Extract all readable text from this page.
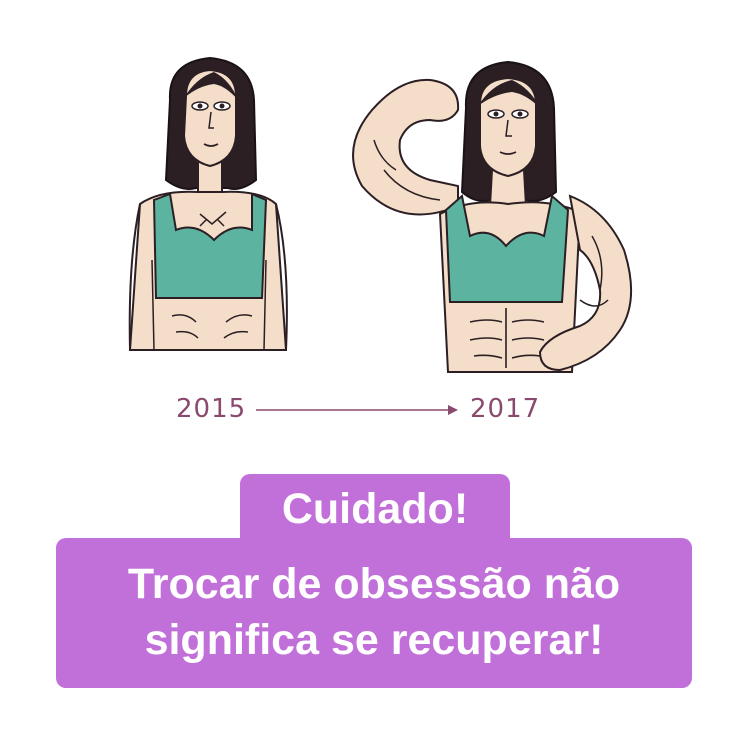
2015	2017
Cuidado!
Trocar de obsessão não
significa se recuperar!
